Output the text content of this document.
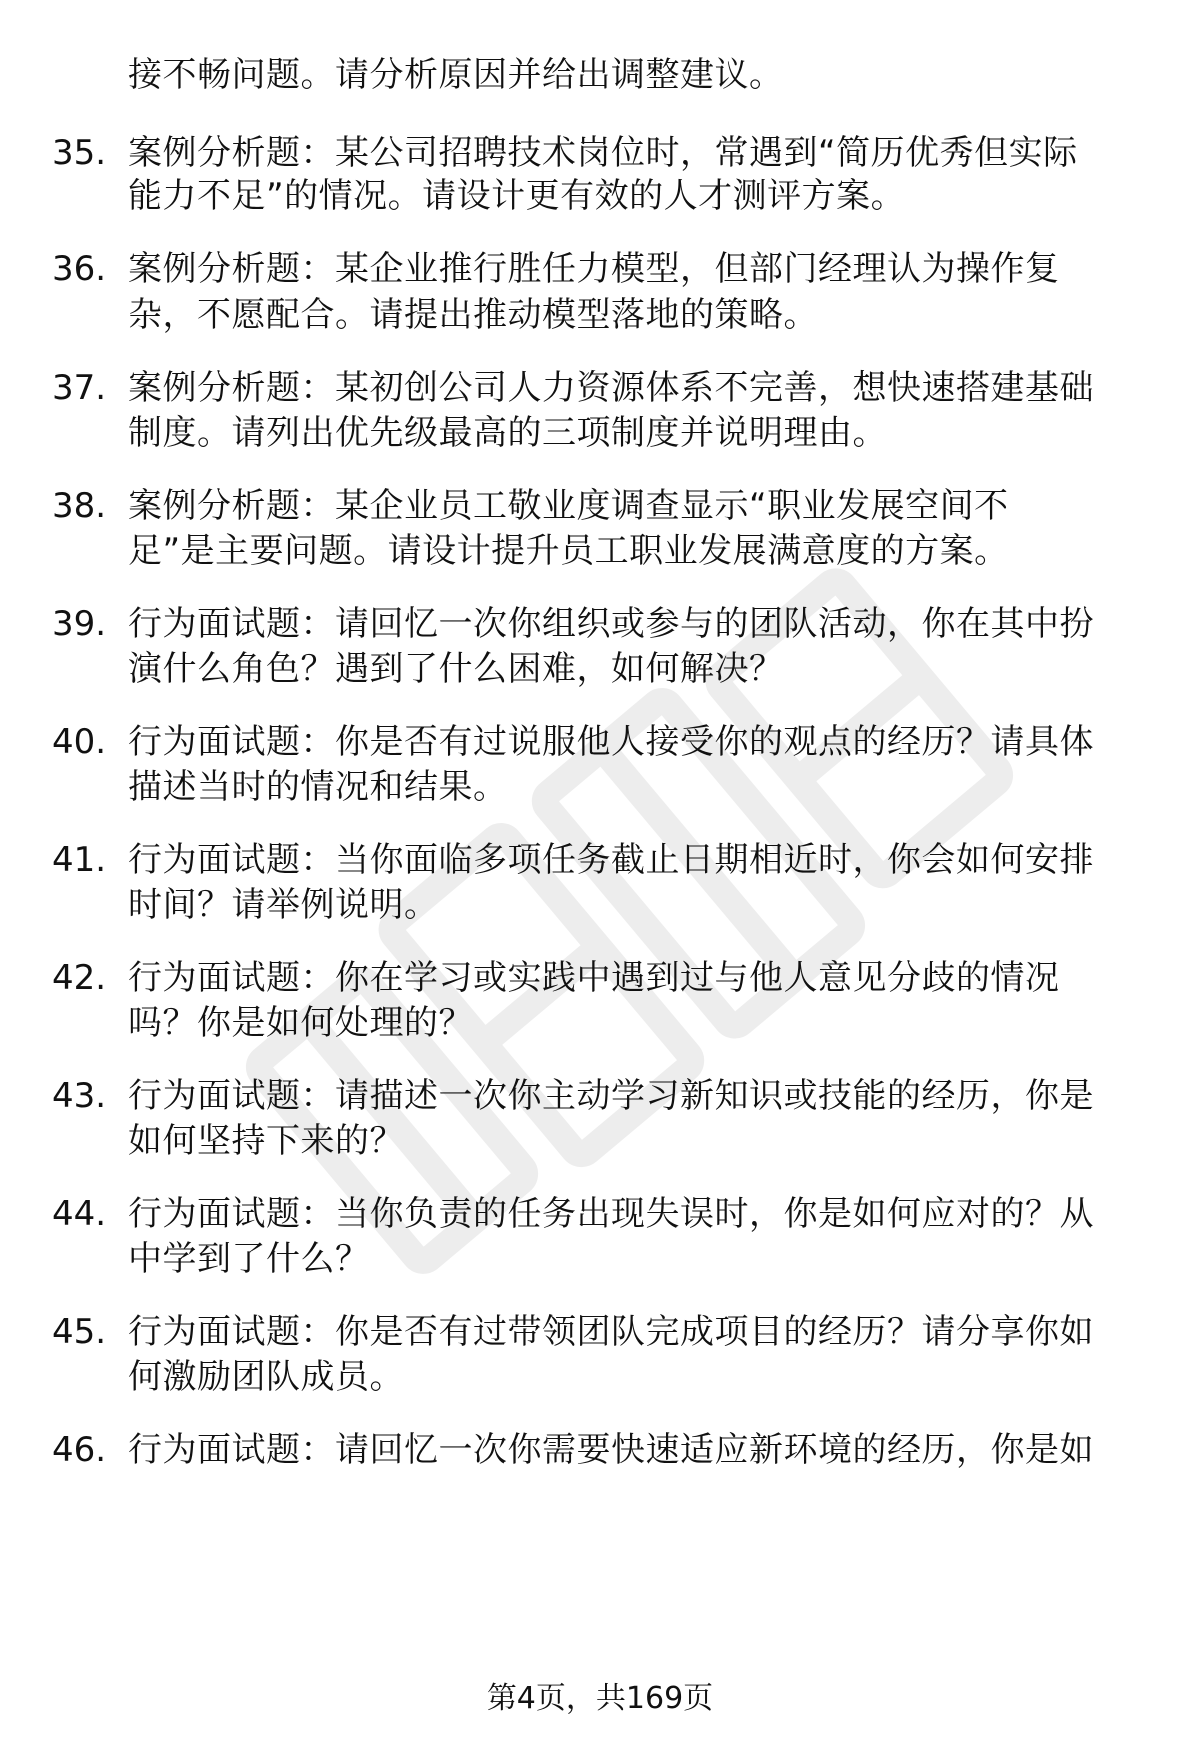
接不畅问题。请分析原因并给出调整建议。
35. 案例分析题：某公司招聘技术岗位时，常遇到“简历优秀但实际
能力不足”的情况。请设计更有效的人才测评方案。
36. 案例分析题：某企业推行胜任力模型，但部门经理认为操作复
杂，不愿配合。请提出推动模型落地的策略。
37. 案例分析题：某初创公司人力资源体系不完善，想快速搭建基础
制度。请列出优先级最高的三项制度并说明理由。
38. 案例分析题：某企业员工敬业度调查显示“职业发展空间不
足”是主要问题。请设计提升员工职业发展满意度的方案。
39. 行为面试题：请回忆一次你组织或参与的团队活动，你在其中扮
演什么角色？遇到了什么困难，如何解决？
40. 行为面试题：你是否有过说服他人接受你的观点的经历？请具体
描述当时的情况和结果。
41. 行为面试题：当你面临多项任务截止日期相近时，你会如何安排
时间？请举例说明。
42. 行为面试题：你在学习或实践中遇到过与他人意见分歧的情况
吗？你是如何处理的？
43. 行为面试题：请描述一次你主动学习新知识或技能的经历，你是
如何坚持下来的？
44. 行为面试题：当你负责的任务出现失误时，你是如何应对的？从
中学到了什么？
45. 行为面试题：你是否有过带领团队完成项目的经历？请分享你如
何激励团队成员。
46. 行为面试题：请回忆一次你需要快速适应新环境的经历，你是如
第4页，共169页
